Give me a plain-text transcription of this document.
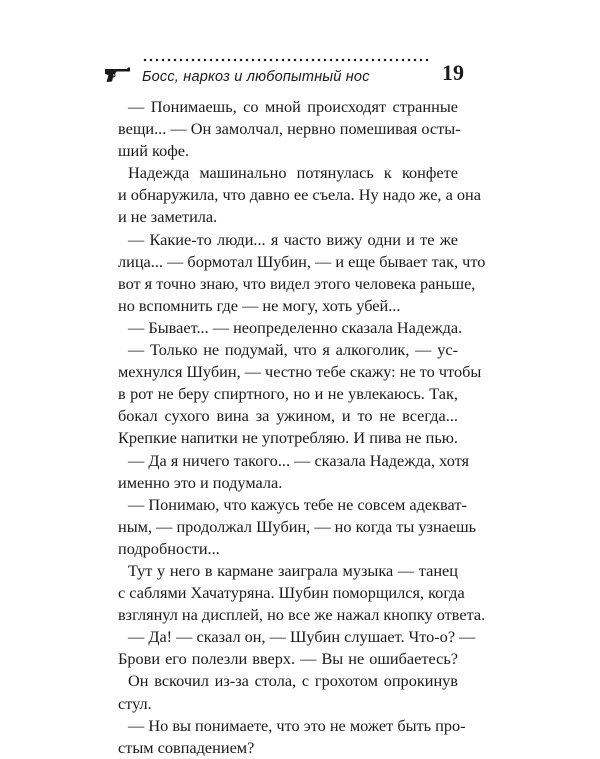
Босс, наркоз и любопытный нос	19
— Понимаешь, со мной происходят странные
вещи... — Он замолчал, нервно помешивая осты-
ший кофе.
Надежда машинально потянулась к конфете
и обнаружила, что давно ее съела. Ну надо же, а она
и не заметила.
— Какие-то люди... я часто вижу одни и те же
лица... — бормотал Шубин, — и еще бывает так, что
вот я точно знаю, что видел этого человека раньше,
но вспомнить где — не могу, хоть убей...
— Бывает... — неопределенно сказала Надежда.
— Только не подумай, что я алкоголик, — ус-
мехнулся Шубин, — честно тебе скажу: не то чтобы
в рот не беру спиртного, но и не увлекаюсь. Так,
бокал сухого вина за ужином, и то не всегда...
Крепкие напитки не употребляю. И пива не пью.
— Да я ничего такого... — сказала Надежда, хотя
именно это и подумала.
— Понимаю, что кажусь тебе не совсем адекват-
ным, — продолжал Шубин, — но когда ты узнаешь
подробности...
Тут у него в кармане заиграла музыка — танец
с саблями Хачатуряна. Шубин поморщился, когда
взглянул на дисплей, но все же нажал кнопку ответа.
— Да! — сказал он, — Шубин слушает. Что-о? —
Брови его полезли вверх. — Вы не ошибаетесь?
Он вскочил из-за стола, с грохотом опрокинув
стул.
— Но вы понимаете, что это не может быть про-
стым совпадением?
